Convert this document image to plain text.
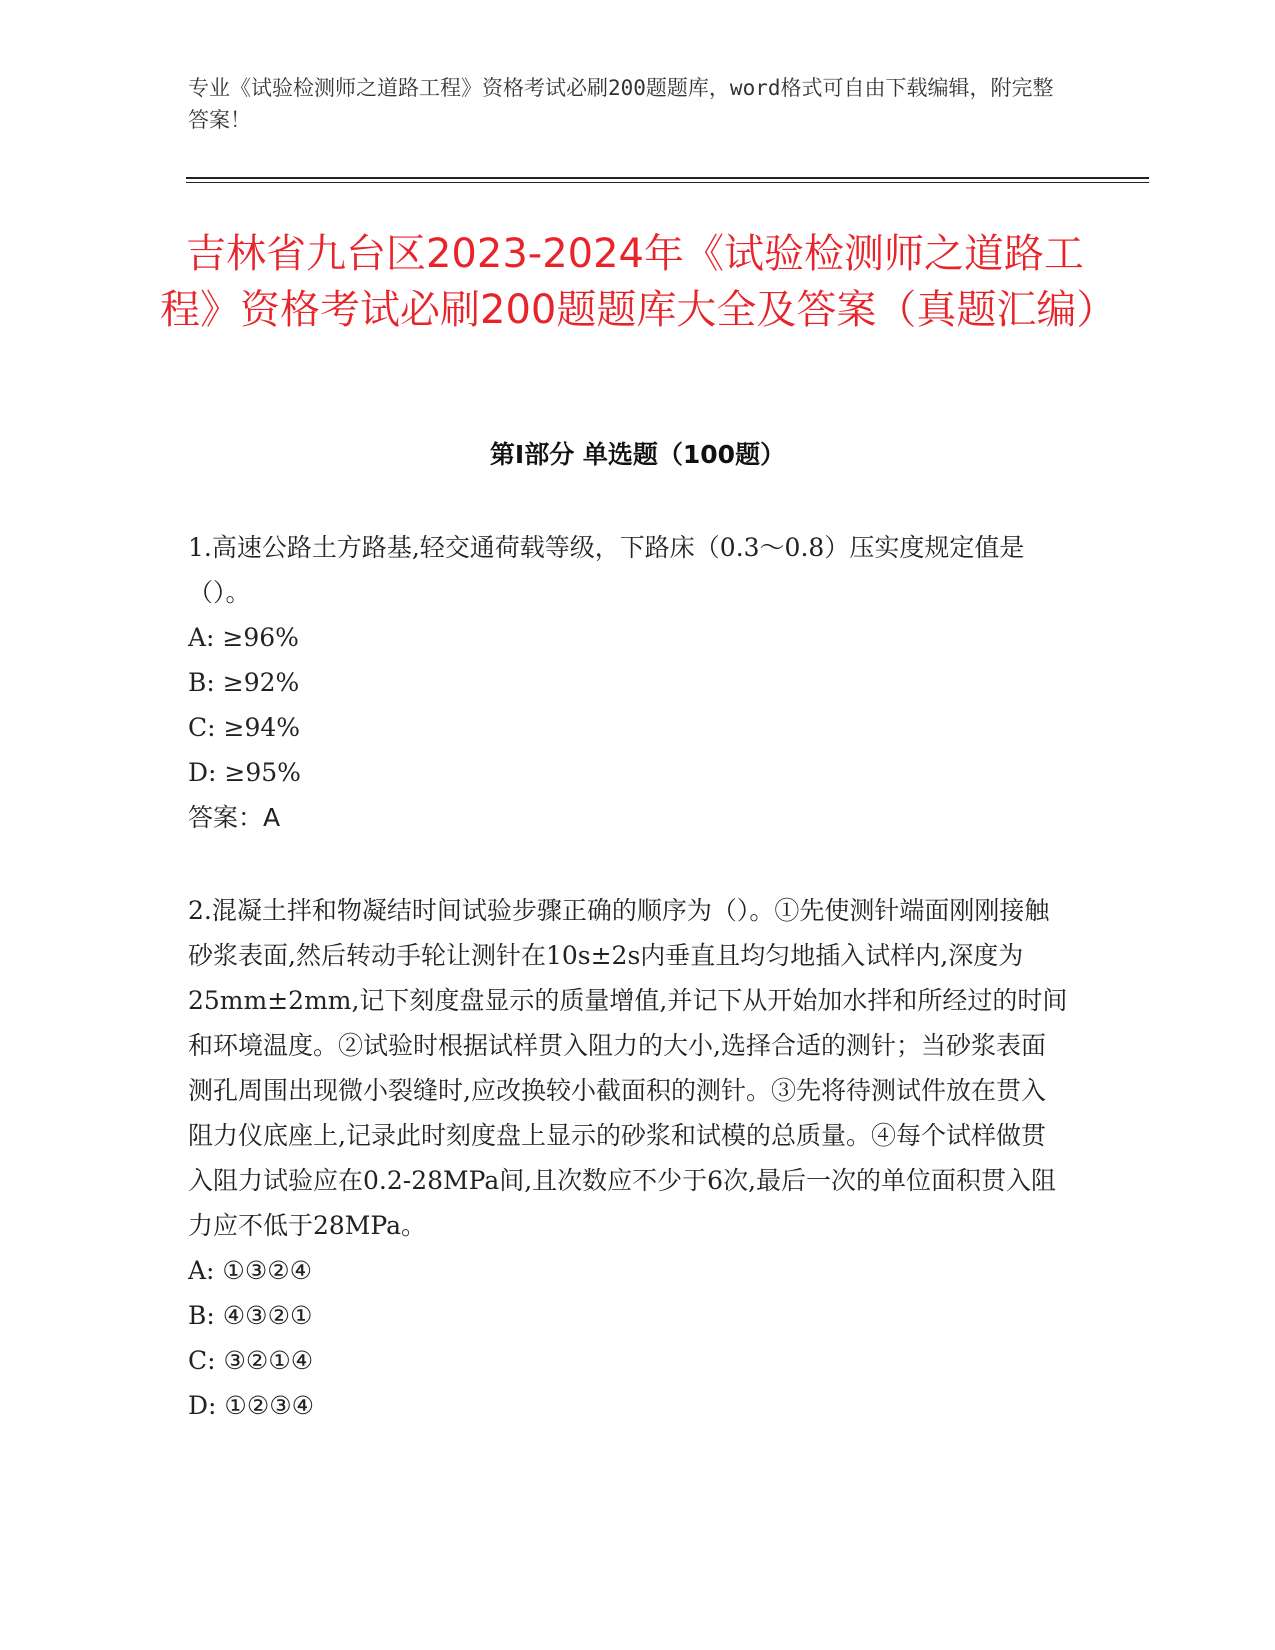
专业《试验检测师之道路工程》资格考试必刷200题题库，word格式可自由下载编辑，附完整答案！
吉林省九台区2023-2024年《试验检测师之道路工程》资格考试必刷200题题库大全及答案（真题汇编）
第I部分 单选题（100题）

1.高速公路土方路基,轻交通荷载等级，下路床（0.3～0.8）压实度规定值是（）。

A: ≥96%

B: ≥92%

C: ≥94%

D: ≥95%

答案：A

2.混凝土拌和物凝结时间试验步骤正确的顺序为（）。①先使测针端面刚刚接触砂浆表面,然后转动手轮让测针在10s±2s内垂直且均匀地插入试样内,深度为25mm±2mm,记下刻度盘显示的质量增值,并记下从开始加水拌和所经过的时间和环境温度。②试验时根据试样贯入阻力的大小,选择合适的测针；当砂浆表面测孔周围出现微小裂缝时,应改换较小截面积的测针。③先将待测试件放在贯入阻力仪底座上,记录此时刻度盘上显示的砂浆和试模的总质量。④每个试样做贯入阻力试验应在0.2-28MPa间,且次数应不少于6次,最后一次的单位面积贯入阻力应不低于28MPa。

A: ①③②④

B: ④③②①

C: ③②①④

D: ①②③④
